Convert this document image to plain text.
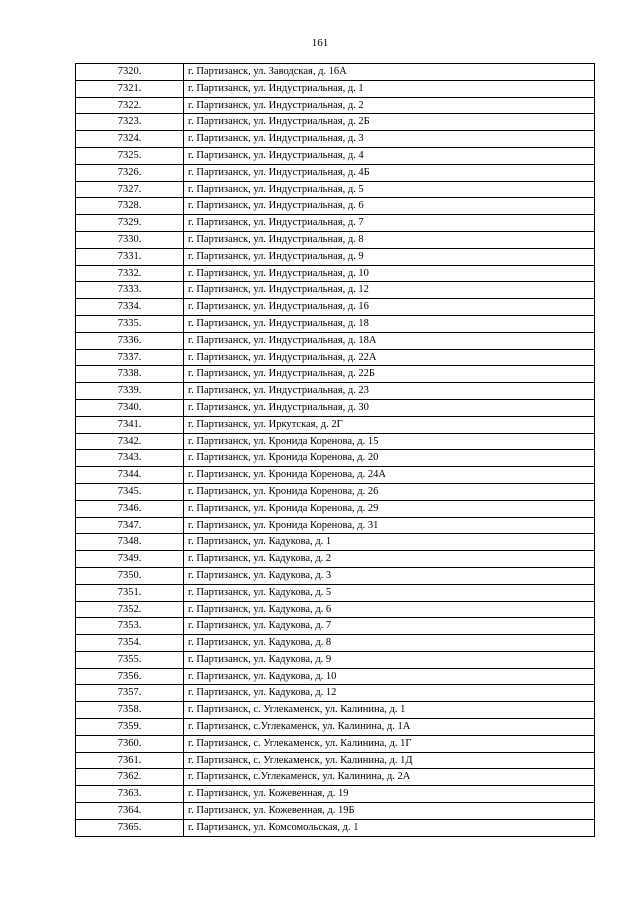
161
7320.	г. Партизанск, ул. Заводская, д. 16А
7321.	г. Партизанск, ул. Индустриальная, д. 1
7322.	г. Партизанск, ул. Индустриальная, д. 2
7323.	г. Партизанск, ул. Индустриальная, д. 2Б
7324.	г. Партизанск, ул. Индустриальная, д. 3
7325.	г. Партизанск, ул. Индустриальная, д. 4
7326.	г. Партизанск, ул. Индустриальная, д. 4Б
7327.	г. Партизанск, ул. Индустриальная, д. 5
7328.	г. Партизанск, ул. Индустриальная, д. 6
7329.	г. Партизанск, ул. Индустриальная, д. 7
7330.	г. Партизанск, ул. Индустриальная, д. 8
7331.	г. Партизанск, ул. Индустриальная, д. 9
7332.	г. Партизанск, ул. Индустриальная, д. 10
7333.	г. Партизанск, ул. Индустриальная, д. 12
7334.	г. Партизанск, ул. Индустриальная, д. 16
7335.	г. Партизанск, ул. Индустриальная, д. 18
7336.	г. Партизанск, ул. Индустриальная, д. 18А
7337.	г. Партизанск, ул. Индустриальная, д. 22А
7338.	г. Партизанск, ул. Индустриальная, д. 22Б
7339.	г. Партизанск, ул. Индустриальная, д. 23
7340.	г. Партизанск, ул. Индустриальная, д. 30
7341.	г. Партизанск, ул. Иркутская, д. 2Г
7342.	г. Партизанск, ул. Кронида Коренова, д. 15
7343.	г. Партизанск, ул. Кронида Коренова, д. 20
7344.	г. Партизанск, ул. Кронида Коренова, д. 24А
7345.	г. Партизанск, ул. Кронида Коренова, д. 26
7346.	г. Партизанск, ул. Кронида Коренова, д. 29
7347.	г. Партизанск, ул. Кронида Коренова, д. 31
7348.	г. Партизанск, ул. Кадукова, д. 1
7349.	г. Партизанск, ул. Кадукова, д. 2
7350.	г. Партизанск, ул. Кадукова, д. 3
7351.	г. Партизанск, ул. Кадукова, д. 5
7352.	г. Партизанск, ул. Кадукова, д. 6
7353.	г. Партизанск, ул. Кадукова, д. 7
7354.	г. Партизанск, ул. Кадукова, д. 8
7355.	г. Партизанск, ул. Кадукова, д. 9
7356.	г. Партизанск, ул. Кадукова, д. 10
7357.	г. Партизанск, ул. Кадукова, д. 12
7358.	г. Партизанск, с. Углекаменск, ул. Калинина, д. 1
7359.	г. Партизанск, с.Углекаменск, ул. Калинина, д. 1А
7360.	г. Партизанск, с. Углекаменск, ул. Калинина, д. 1Г
7361.	г. Партизанск, с. Углекаменск, ул. Калинина, д. 1Д
7362.	г. Партизанск, с.Углекаменск, ул. Калинина, д. 2А
7363.	г. Партизанск, ул. Кожевенная, д. 19
7364.	г. Партизанск, ул. Кожевенная, д. 19Б
7365.	г. Партизанск, ул. Комсомольская, д. 1
